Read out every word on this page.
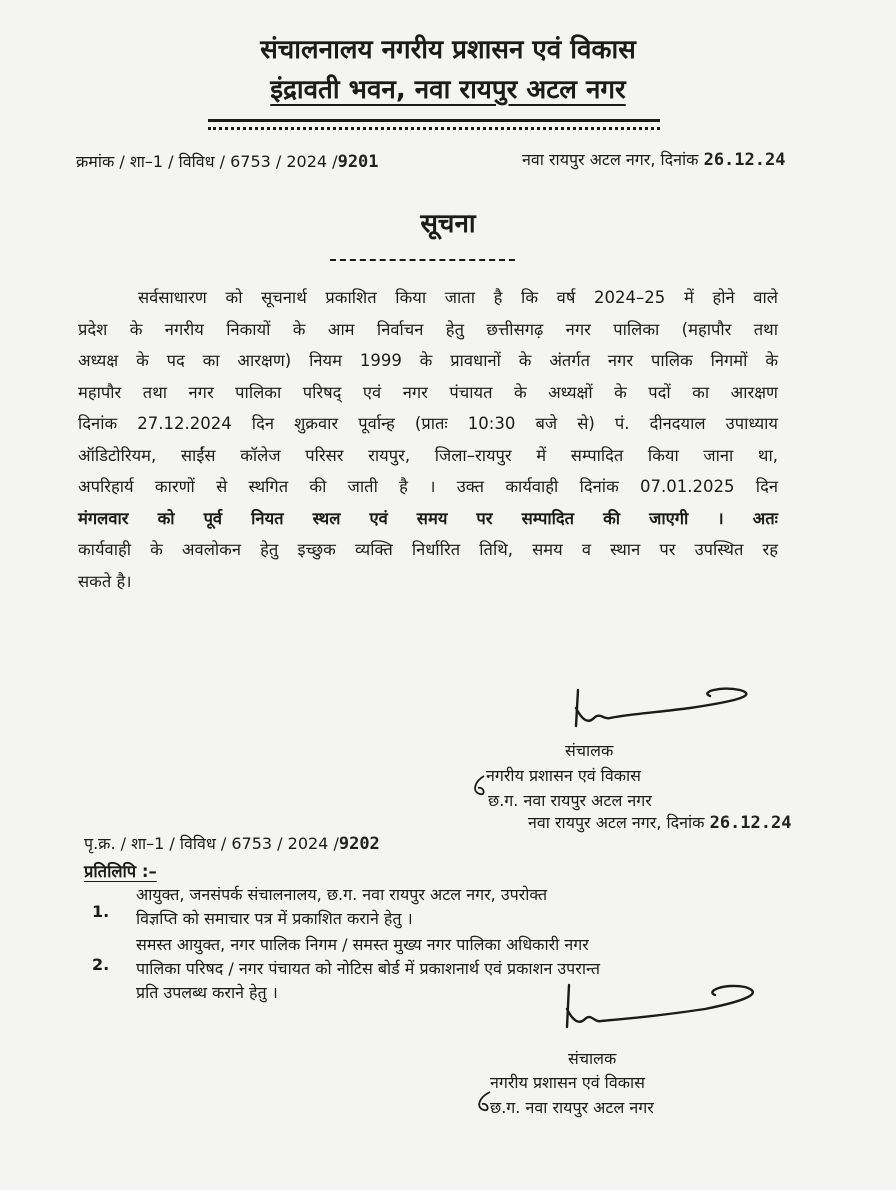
संचालनालय नगरीय प्रशासन एवं विकास
इंद्रावती भवन, नवा रायपुर अटल नगर
क्रमांक / शा–1 / विविध / 6753 / 2024 /9201	नवा रायपुर अटल नगर, दिनांक 26.12.24
सूचना
सर्वसाधारण को सूचनार्थ प्रकाशित किया जाता है कि वर्ष 2024–25 में होने वाले
प्रदेश के नगरीय निकायों के आम निर्वाचन हेतु छत्तीसगढ़ नगर पालिका (महापौर तथा
अध्यक्ष के पद का आरक्षण) नियम 1999 के प्रावधानों के अंतर्गत नगर पालिक निगमों के
महापौर तथा नगर पालिका परिषद् एवं नगर पंचायत के अध्यक्षों के पदों का आरक्षण
दिनांक 27.12.2024 दिन शुक्रवार पूर्वान्ह (प्रातः 10:30 बजे से) पं. दीनदयाल उपाध्याय
ऑडिटोरियम, साईंस कॉलेज परिसर रायपुर, जिला–रायपुर में सम्पादित किया जाना था,
अपरिहार्य कारणों से स्थगित की जाती है । उक्त कार्यवाही दिनांक 07.01.2025 दिन
मंगलवार को पूर्व नियत स्थल एवं समय पर सम्पादित की जाएगी । अतः
कार्यवाही के अवलोकन हेतु इच्छुक व्यक्ति निर्धारित तिथि, समय व स्थान पर उपस्थित रह
सकते है।
संचालक
नगरीय प्रशासन एवं विकास
छ.ग. नवा रायपुर अटल नगर
नवा रायपुर अटल नगर, दिनांक 26.12.24
पृ.क्र. / शा–1 / विविध / 6753 / 2024 /9202
प्रतिलिपि :–
1.
आयुक्त, जनसंपर्क संचालनालय, छ.ग. नवा रायपुर अटल नगर, उपरोक्त
विज्ञप्ति को समाचार पत्र में प्रकाशित कराने हेतु ।
2.
समस्त आयुक्त, नगर पालिक निगम / समस्त मुख्य नगर पालिका अधिकारी नगर
पालिका परिषद / नगर पंचायत को नोटिस बोर्ड में प्रकाशनार्थ एवं प्रकाशन उपरान्त
प्रति उपलब्ध कराने हेतु ।
संचालक
नगरीय प्रशासन एवं विकास
छ.ग. नवा रायपुर अटल नगर
